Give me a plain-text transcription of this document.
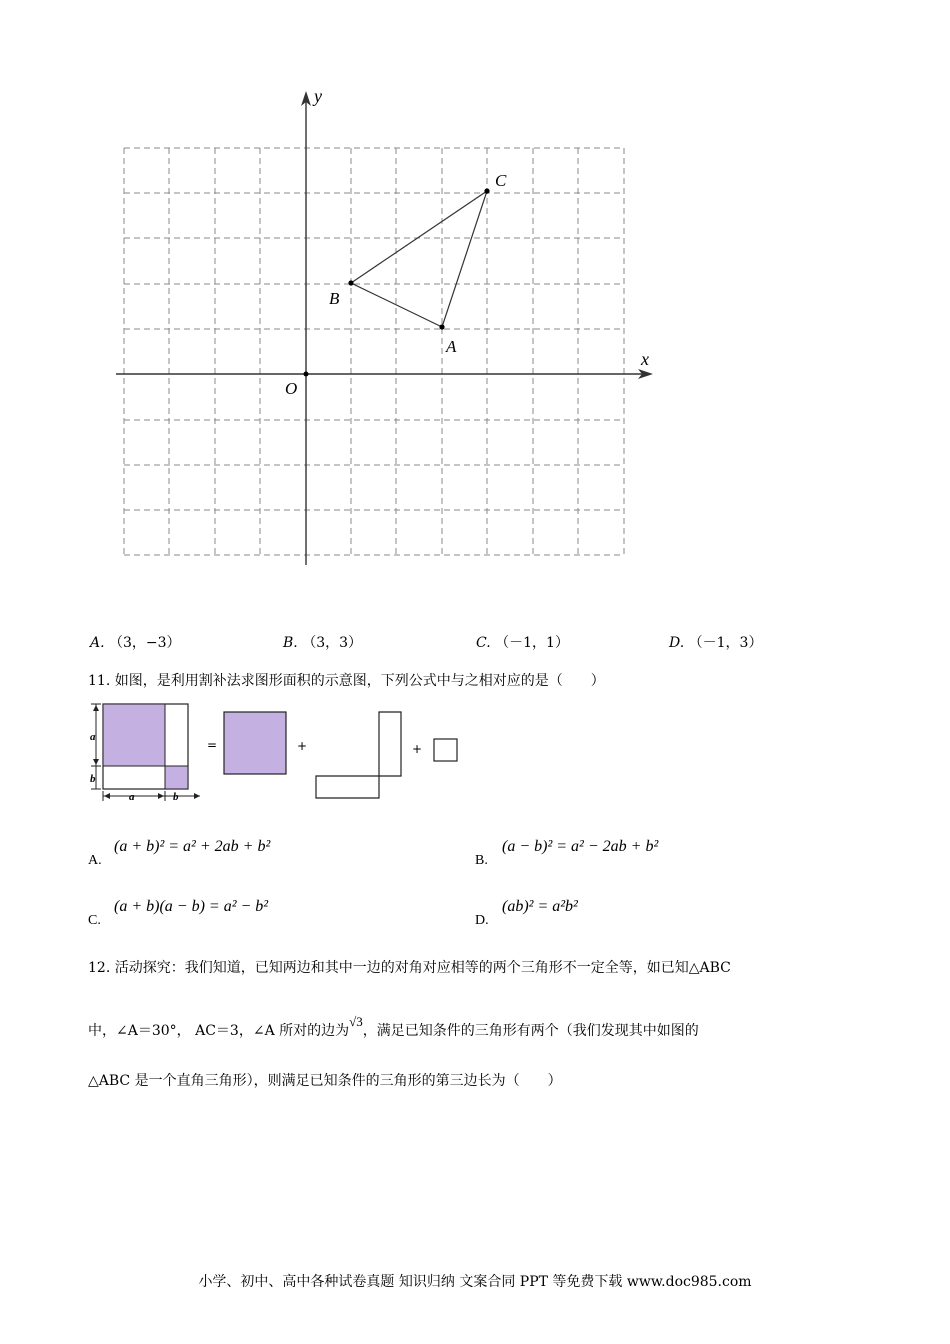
x
y
O
A
B
C
A. （3，−3）	B. （3，3）	C. （－1，1）	D. （－1，3）
11. 如图，是利用割补法求图形面积的示意图，下列公式中与之相对应的是（　　）
a
b
a	b
=	+	+
A.
(a + b)² = a² + 2ab + b²
B.
(a − b)² = a² − 2ab + b²
C.
(a + b)(a − b) = a² − b²
D.
(ab)² = a²b²
12. 活动探究：我们知道，已知两边和其中一边的对角对应相等的两个三角形不一定全等，如已知△ABC
中，∠A＝30°， AC＝3，∠A 所对的边为√3，满足已知条件的三角形有两个（我们发现其中如图的
△ABC 是一个直角三角形），则满足已知条件的三角形的第三边长为（　　）
小学、初中、高中各种试卷真题 知识归纳 文案合同 PPT 等免费下载 www.doc985.com
